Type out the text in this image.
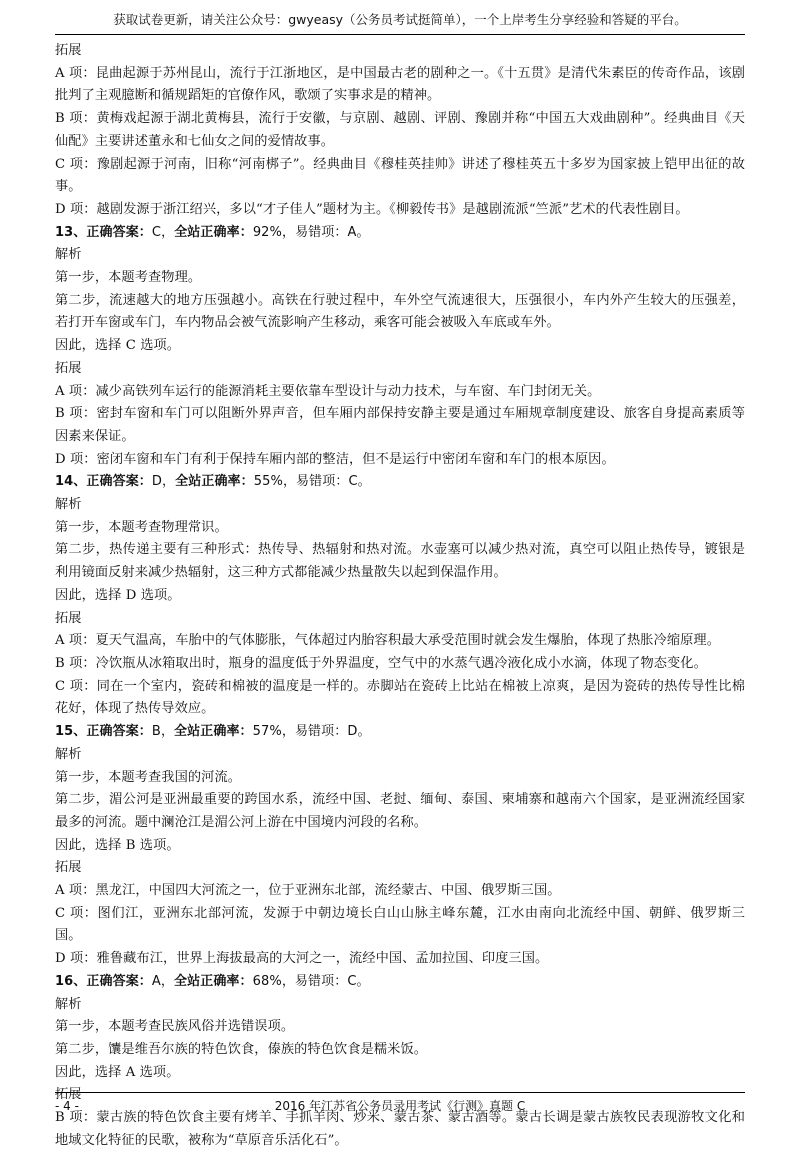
获取试卷更新，请关注公众号：gwyeasy（公务员考试挺简单），一个上岸考生分享经验和答疑的平台。

拓展

A 项：昆曲起源于苏州昆山，流行于江浙地区，是中国最古老的剧种之一。《十五贯》是清代朱素臣的传奇作品，该剧批判了主观臆断和循规蹈矩的官僚作风，歌颂了实事求是的精神。

B 项：黄梅戏起源于湖北黄梅县，流行于安徽，与京剧、越剧、评剧、豫剧并称“中国五大戏曲剧种”。经典曲目《天仙配》主要讲述董永和七仙女之间的爱情故事。

C 项：豫剧起源于河南，旧称“河南梆子”。经典曲目《穆桂英挂帅》讲述了穆桂英五十多岁为国家披上铠甲出征的故事。

D 项：越剧发源于浙江绍兴，多以“才子佳人”题材为主。《柳毅传书》是越剧流派“竺派”艺术的代表性剧目。

13、正确答案：C，全站正确率：92%，易错项：A。

解析

第一步，本题考查物理。

第二步，流速越大的地方压强越小。高铁在行驶过程中，车外空气流速很大，压强很小，车内外产生较大的压强差，若打开车窗或车门，车内物品会被气流影响产生移动，乘客可能会被吸入车底或车外。

因此，选择 C 选项。

拓展

A 项：减少高铁列车运行的能源消耗主要依靠车型设计与动力技术，与车窗、车门封闭无关。

B 项：密封车窗和车门可以阻断外界声音，但车厢内部保持安静主要是通过车厢规章制度建设、旅客自身提高素质等因素来保证。

D 项：密闭车窗和车门有利于保持车厢内部的整洁，但不是运行中密闭车窗和车门的根本原因。

14、正确答案：D，全站正确率：55%，易错项：C。

解析

第一步，本题考查物理常识。

第二步，热传递主要有三种形式：热传导、热辐射和热对流。水壶塞可以减少热对流，真空可以阻止热传导，镀银是利用镜面反射来减少热辐射，这三种方式都能减少热量散失以起到保温作用。

因此，选择 D 选项。

拓展

A 项：夏天气温高，车胎中的气体膨胀，气体超过内胎容积最大承受范围时就会发生爆胎，体现了热胀冷缩原理。

B 项：冷饮瓶从冰箱取出时，瓶身的温度低于外界温度，空气中的水蒸气遇冷液化成小水滴，体现了物态变化。

C 项：同在一个室内，瓷砖和棉被的温度是一样的。赤脚站在瓷砖上比站在棉被上凉爽，是因为瓷砖的热传导性比棉花好，体现了热传导效应。

15、正确答案：B，全站正确率：57%，易错项：D。

解析

第一步，本题考查我国的河流。

第二步，湄公河是亚洲最重要的跨国水系，流经中国、老挝、缅甸、泰国、柬埔寨和越南六个国家，是亚洲流经国家最多的河流。题中澜沧江是湄公河上游在中国境内河段的名称。

因此，选择 B 选项。

拓展

A 项：黑龙江，中国四大河流之一，位于亚洲东北部，流经蒙古、中国、俄罗斯三国。

C 项：图们江，亚洲东北部河流，发源于中朝边境长白山山脉主峰东麓，江水由南向北流经中国、朝鲜、俄罗斯三国。

D 项：雅鲁藏布江，世界上海拔最高的大河之一，流经中国、孟加拉国、印度三国。

16、正确答案：A，全站正确率：68%，易错项：C。

解析

第一步，本题考查民族风俗并选错误项。

第二步，馕是维吾尔族的特色饮食，傣族的特色饮食是糯米饭。

因此，选择 A 选项。

拓展

B 项：蒙古族的特色饮食主要有烤羊、手抓羊肉、炒米、蒙古茶、蒙古酒等。蒙古长调是蒙古族牧民表现游牧文化和地域文化特征的民歌，被称为“草原音乐活化石”。

- 4 -	2016 年江苏省公务员录用考试《行测》真题 C
